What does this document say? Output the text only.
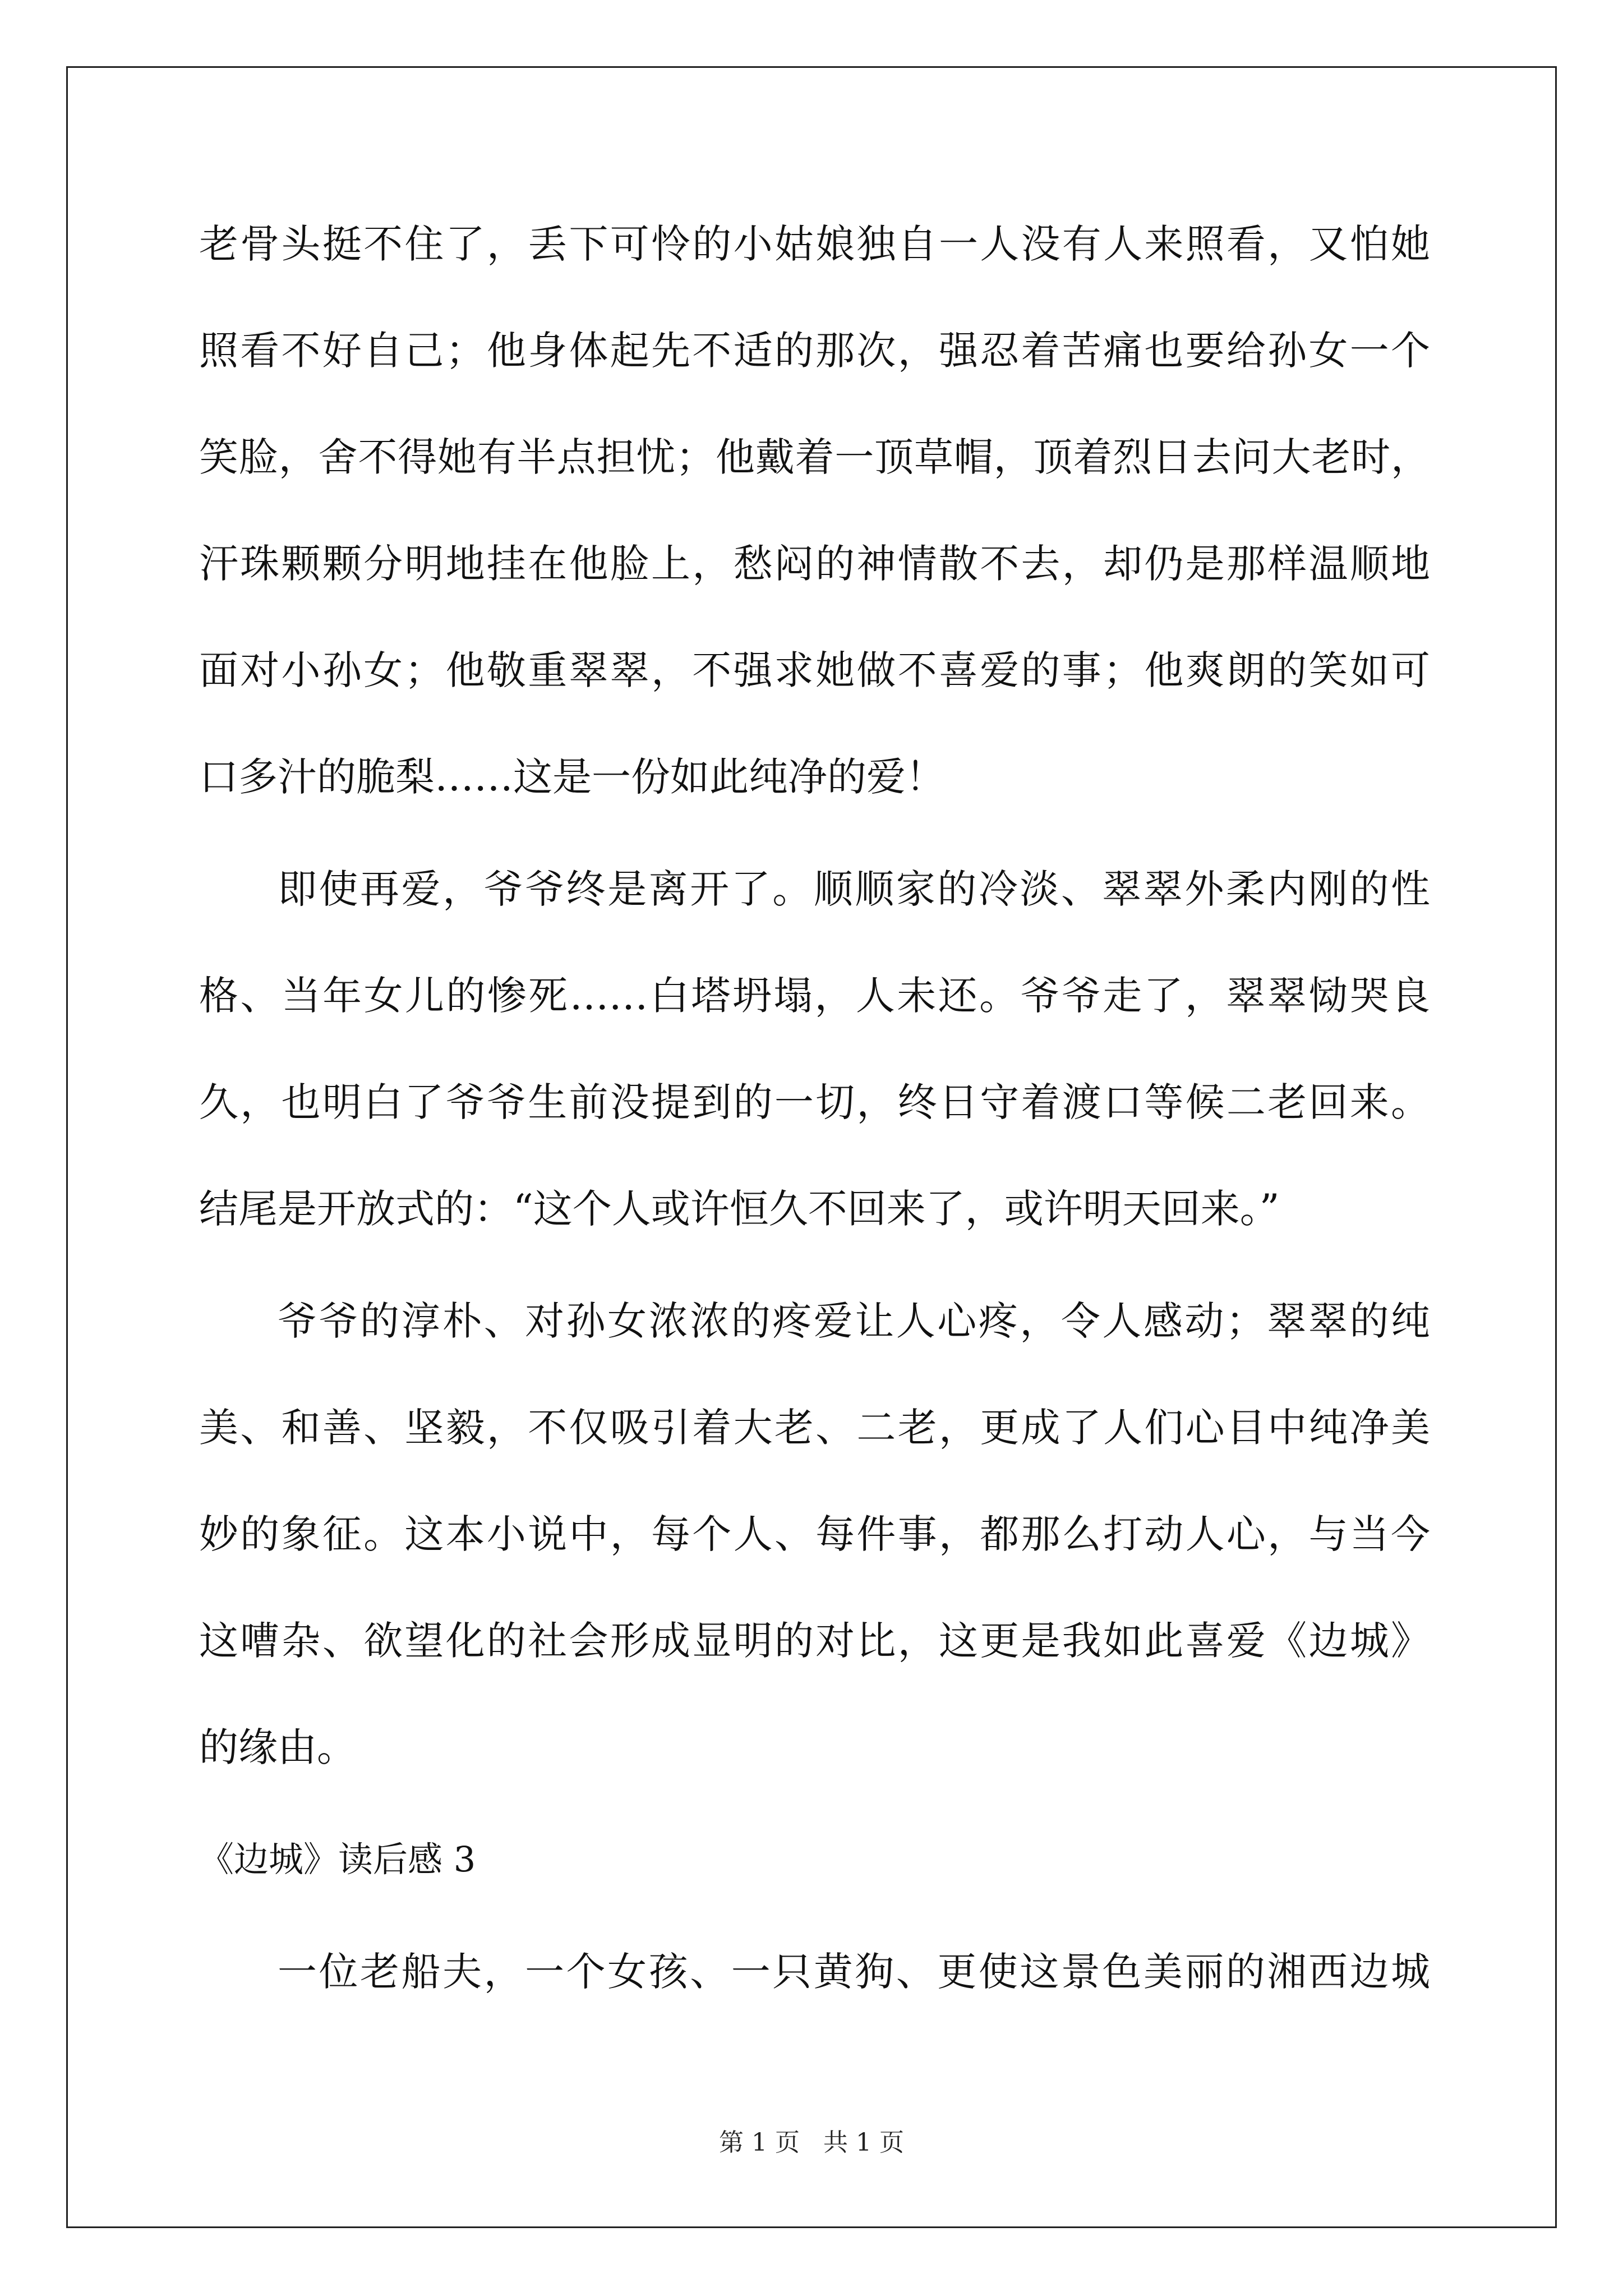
老骨头挺不住了，丢下可怜的小姑娘独自一人没有人来照看，又怕她
照看不好自己；他身体起先不适的那次，强忍着苦痛也要给孙女一个
笑脸，舍不得她有半点担忧；他戴着一顶草帽，顶着烈日去问大老时，
汗珠颗颗分明地挂在他脸上，愁闷的神情散不去，却仍是那样温顺地
面对小孙女；他敬重翠翠，不强求她做不喜爱的事；他爽朗的笑如可
口多汁的脆梨……这是一份如此纯净的爱！
即使再爱，爷爷终是离开了。顺顺家的冷淡、翠翠外柔内刚的性
格、当年女儿的惨死……白塔坍塌，人未还。爷爷走了，翠翠恸哭良
久，也明白了爷爷生前没提到的一切，终日守着渡口等候二老回来。
结尾是开放式的：“这个人或许恒久不回来了，或许明天回来。”
爷爷的淳朴、对孙女浓浓的疼爱让人心疼，令人感动；翠翠的纯
美、和善、坚毅，不仅吸引着大老、二老，更成了人们心目中纯净美
妙的象征。这本小说中，每个人、每件事，都那么打动人心，与当今
这嘈杂、欲望化的社会形成显明的对比，这更是我如此喜爱《边城》
的缘由。
《边城》读后感 3
一位老船夫，一个女孩、一只黄狗、更使这景色美丽的湘西边城
第 1 页   共 1 页
